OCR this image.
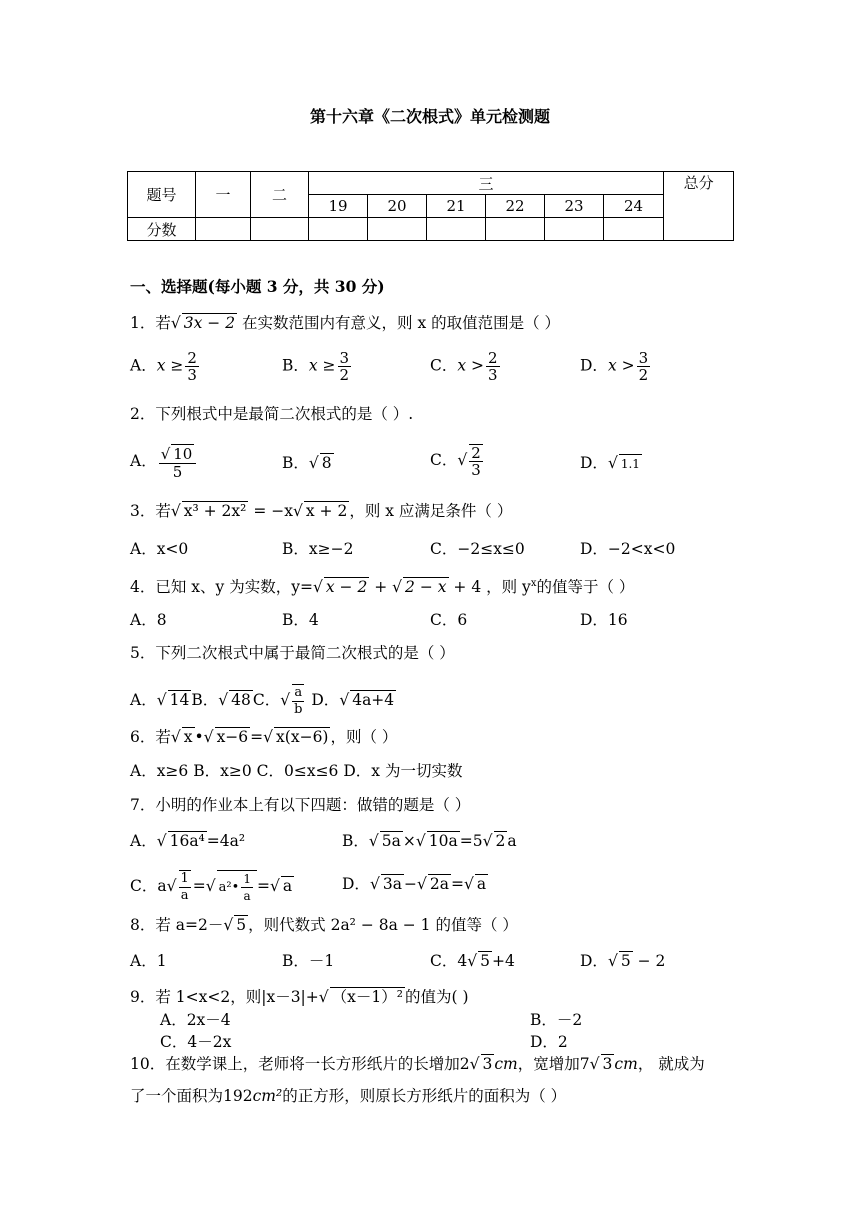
第十六章《二次根式》单元检测题
题号	一	二	三						总分
			19	20	21	22	23	24	
分数									
一、选择题(每小题 3 分，共 30 分)
1．若√ 3x − 2 在实数范围内有意义，则 x 的取值范围是（ ）
A．$x \ge \frac{2}{3}$	B．$x \ge \frac{3}{2}$	C．$x > \frac{2}{3}$	D．$x > \frac{3}{2}$
2．下列根式中是最简二次根式的是（ ）.
A． $\frac{√ 10}{5}$	B．√ 8	C．√ $\frac{2}{3}$	D．√ 1.1
3．若√ x³ + 2x² = −x√ x + 2 ，则 x 应满足条件（ ）
A．x<0	B．x≥−2	C．−2≤x≤0	D．−2<x<0
4．已知 x、y 为实数，y=√ x − 2 + √ 2 − x + 4 ，则 $y^x$的值等于（ ）
A．8	B．4	C．6	D．16
5．下列二次根式中属于最简二次根式的是（ ）
A．√ 14 B．√ 48 C．√ $\frac{a}{b}$ D．√ 4a+4
6．若√ x •√ x−6 =√ x(x−6) ，则（ ）
A．x≥6 B．x≥0 C．0≤x≤6 D．x 为一切实数
7．小明的作业本上有以下四题：做错的题是（ ）
A．√ 16a⁴ =4a²	B．√ 5a ×√ 10a =5√ 2 a
C．$a√ \frac{1}{a}$ =√ a²• $\frac{1}{a}$ =√ a	D．√ 3a −√ 2a =√ a
8．若 a=2－√ 5 ，则代数式 2a² − 8a − 1 的值等（ ）
A．1	B．－1	C．4√ 5 +4	D．√ 5 − 2
9．若 1<x<2，则|x－3|+√ （x－1）² 的值为( )
A．2x－4	B．－2
C．4－2x	D．2
10．在数学课上，老师将一长方形纸片的长增加2√ 3 cm，宽增加7√ 3 cm， 就成为
了一个面积为192cm²的正方形，则原长方形纸片的面积为（ ）
